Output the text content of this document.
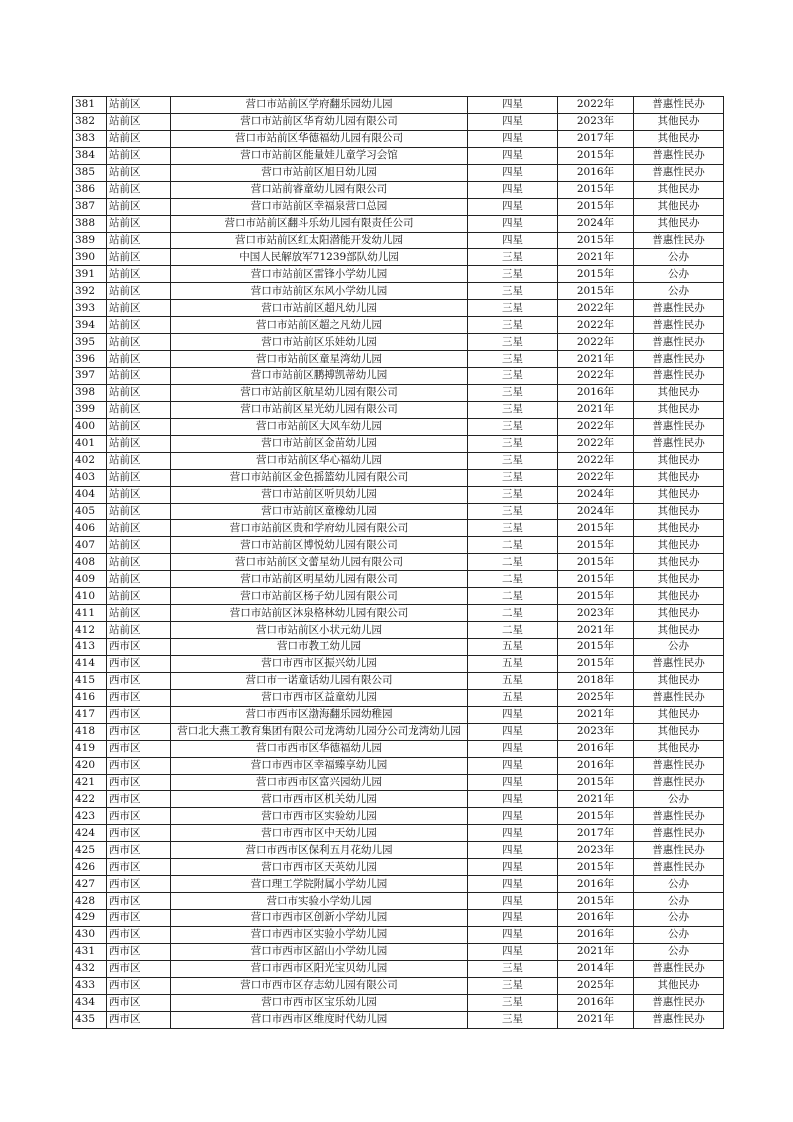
381	站前区	营口市站前区学府翻乐园幼儿园	四星	2022年	普惠性民办
382	站前区	营口市站前区华育幼儿园有限公司	四星	2023年	其他民办
383	站前区	营口市站前区华德福幼儿园有限公司	四星	2017年	其他民办
384	站前区	营口市站前区能量娃儿童学习会馆	四星	2015年	普惠性民办
385	站前区	营口市站前区旭日幼儿园	四星	2016年	普惠性民办
386	站前区	营口站前睿童幼儿园有限公司	四星	2015年	其他民办
387	站前区	营口市站前区幸福泉营口总园	四星	2015年	其他民办
388	站前区	营口市站前区翻斗乐幼儿园有限责任公司	四星	2024年	其他民办
389	站前区	营口市站前区红太阳潜能开发幼儿园	四星	2015年	普惠性民办
390	站前区	中国人民解放军71239部队幼儿园	三星	2021年	公办
391	站前区	营口市站前区雷锋小学幼儿园	三星	2015年	公办
392	站前区	营口市站前区东风小学幼儿园	三星	2015年	公办
393	站前区	营口市站前区超凡幼儿园	三星	2022年	普惠性民办
394	站前区	营口市站前区超之凡幼儿园	三星	2022年	普惠性民办
395	站前区	营口市站前区乐娃幼儿园	三星	2022年	普惠性民办
396	站前区	营口市站前区童星湾幼儿园	三星	2021年	普惠性民办
397	站前区	营口市站前区鹏搏凯蒂幼儿园	三星	2022年	普惠性民办
398	站前区	营口市站前区航星幼儿园有限公司	三星	2016年	其他民办
399	站前区	营口市站前区星光幼儿园有限公司	三星	2021年	其他民办
400	站前区	营口市站前区大风车幼儿园	三星	2022年	普惠性民办
401	站前区	营口市站前区金苗幼儿园	三星	2022年	普惠性民办
402	站前区	营口市站前区华心福幼儿园	三星	2022年	其他民办
403	站前区	营口市站前区金色摇篮幼儿园有限公司	三星	2022年	其他民办
404	站前区	营口市站前区听贝幼儿园	三星	2024年	其他民办
405	站前区	营口市站前区童橡幼儿园	三星	2024年	其他民办
406	站前区	营口市站前区贵和学府幼儿园有限公司	三星	2015年	其他民办
407	站前区	营口市站前区博悦幼儿园有限公司	二星	2015年	其他民办
408	站前区	营口市站前区文蕾星幼儿园有限公司	二星	2015年	其他民办
409	站前区	营口市站前区明星幼儿园有限公司	二星	2015年	其他民办
410	站前区	营口市站前区杨子幼儿园有限公司	二星	2015年	其他民办
411	站前区	营口市站前区沐泉格林幼儿园有限公司	二星	2023年	其他民办
412	站前区	营口市站前区小状元幼儿园	二星	2021年	其他民办
413	西市区	营口市教工幼儿园	五星	2015年	公办
414	西市区	营口市西市区振兴幼儿园	五星	2015年	普惠性民办
415	西市区	营口市一诺童话幼儿园有限公司	五星	2018年	其他民办
416	西市区	营口市西市区益童幼儿园	五星	2025年	普惠性民办
417	西市区	营口市西市区渤海翻乐园幼稚园	四星	2021年	其他民办
418	西市区	营口北大燕工教育集团有限公司龙湾幼儿园分公司龙湾幼儿园	四星	2023年	其他民办
419	西市区	营口市西市区华德福幼儿园	四星	2016年	其他民办
420	西市区	营口市西市区幸福臻享幼儿园	四星	2016年	普惠性民办
421	西市区	营口市西市区富兴园幼儿园	四星	2015年	普惠性民办
422	西市区	营口市西市区机关幼儿园	四星	2021年	公办
423	西市区	营口市西市区实验幼儿园	四星	2015年	普惠性民办
424	西市区	营口市西市区中天幼儿园	四星	2017年	普惠性民办
425	西市区	营口市西市区保利五月花幼儿园	四星	2023年	普惠性民办
426	西市区	营口市西市区天英幼儿园	四星	2015年	普惠性民办
427	西市区	营口理工学院附属小学幼儿园	四星	2016年	公办
428	西市区	营口市实验小学幼儿园	四星	2015年	公办
429	西市区	营口市西市区创新小学幼儿园	四星	2016年	公办
430	西市区	营口市西市区实验小学幼儿园	四星	2016年	公办
431	西市区	营口市西市区韶山小学幼儿园	四星	2021年	公办
432	西市区	营口市西市区阳光宝贝幼儿园	三星	2014年	普惠性民办
433	西市区	营口市西市区存志幼儿园有限公司	三星	2025年	其他民办
434	西市区	营口市西市区宝乐幼儿园	三星	2016年	普惠性民办
435	西市区	营口市西市区维度时代幼儿园	三星	2021年	普惠性民办
